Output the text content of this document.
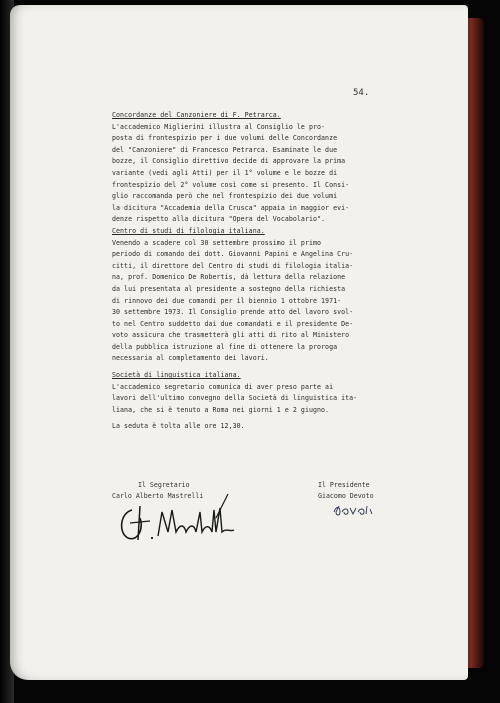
54.

Concordanze del Canzoniere di F. Petrarca.

L'accademico Miglierini illustra al Consiglio le pro-

posta di frontespizio per i due volumi delle Concordanze

del "Canzoniere" di Francesco Petrarca. Esaminate le due

bozze, il Consiglio direttivo decide di approvare la prima

variante (vedi agli Atti) per il 1° volume e le bozze di

frontespizio del 2° volume così come si presento. Il Consi-

glio raccomanda però che nel frontespizio dei due volumi

la dicitura "Accademia della Crusca" appaia in maggior evi-

denze rispetto alla dicitura "Opera del Vocabolario".

Centro di studi di filologia italiana.

Venendo a scadere col 30 settembre prossimo il primo

periodo di comando dei dott. Giovanni Papini e Angelina Cru-

citti, il direttore del Centro di studi di filologia italia-

na, prof. Domenico De Robertis, dà lettura della relazione

da lui presentata al presidente a sostegno della richiesta

di rinnovo dei due comandi per il biennio 1 ottobre 1971-

30 settembre 1973. Il Consiglio prende atto del lavoro svol-

to nel Centro suddetto dai due comandati e il presidente De-

voto assicura che trasmetterà gli atti di rito al Ministero

della pubblica istruzione al fine di ottenere la proroga

necessaria al completamento dei lavori.

Società di linguistica italiana.

L'accademico segretario comunica di aver preso parte ai

lavori dell'ultimo convegno della Società di linguistica ita-

liana, che si è tenuto a Roma nei giorni 1 e 2 giugno.

La seduta è tolta alle ore 12,30.

Il Segretario
Carlo Alberto Mastrelli
Il Presidente
Giacomo Devoto
